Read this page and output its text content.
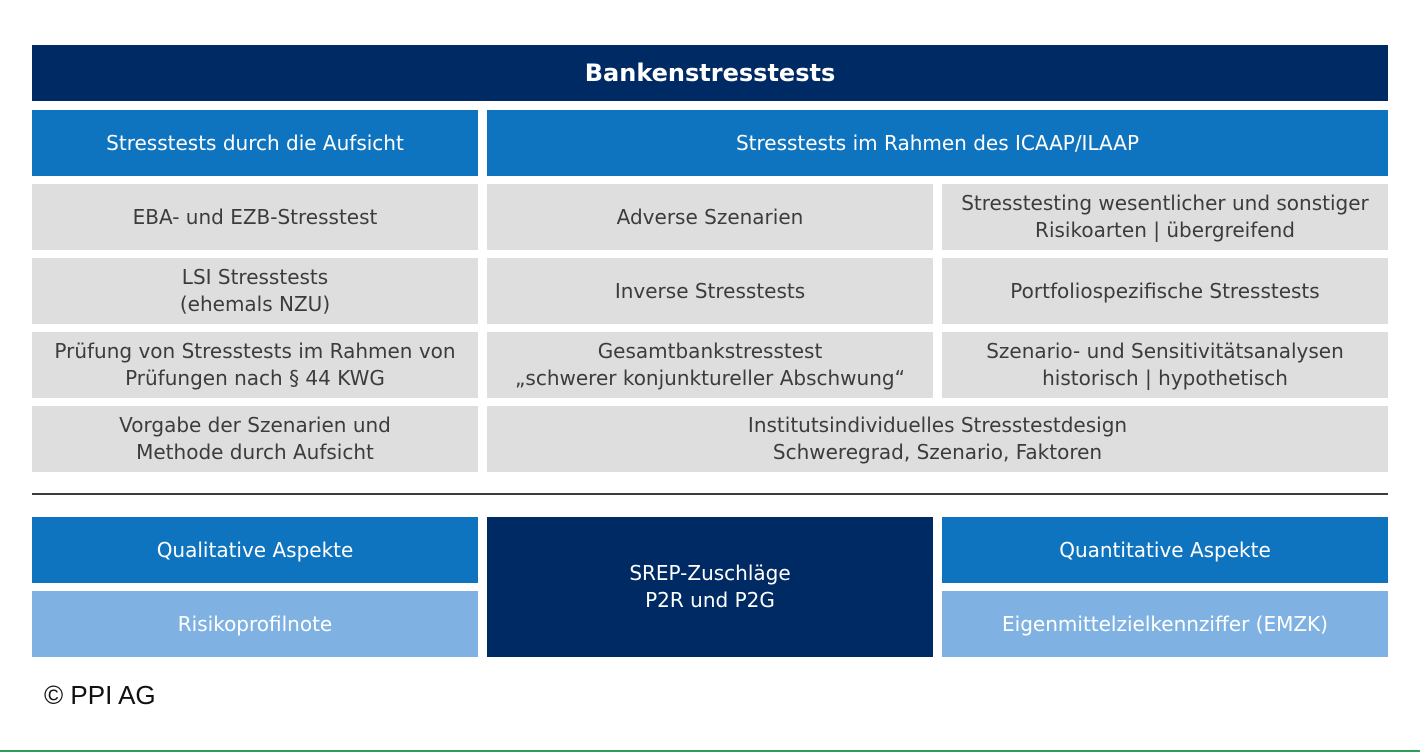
Bankenstresstests
Stresstests durch die Aufsicht	Stresstests im Rahmen des ICAAP/ILAAP
EBA- und EZB-Stresstest
LSI Stresstests
(ehemals NZU)
Prüfung von Stresstests im Rahmen von
Prüfungen nach § 44 KWG
Vorgabe der Szenarien und
Methode durch Aufsicht
Adverse Szenarien
Stresstesting wesentlicher und sonstiger
Risikoarten | übergreifend
Inverse Stresstests	Portfoliospezifische Stresstests
Gesamtbankstresstest
„schwerer konjunktureller Abschwung“
Szenario- und Sensitivitätsanalysen
historisch | hypothetisch
Institutsindividuelles Stresstestdesign
Schweregrad, Szenario, Faktoren
Qualitative Aspekte
Risikoprofilnote
SREP-Zuschläge
P2R und P2G
Quantitative Aspekte
Eigenmittelzielkennziffer (EMZK)
© PPI AG
